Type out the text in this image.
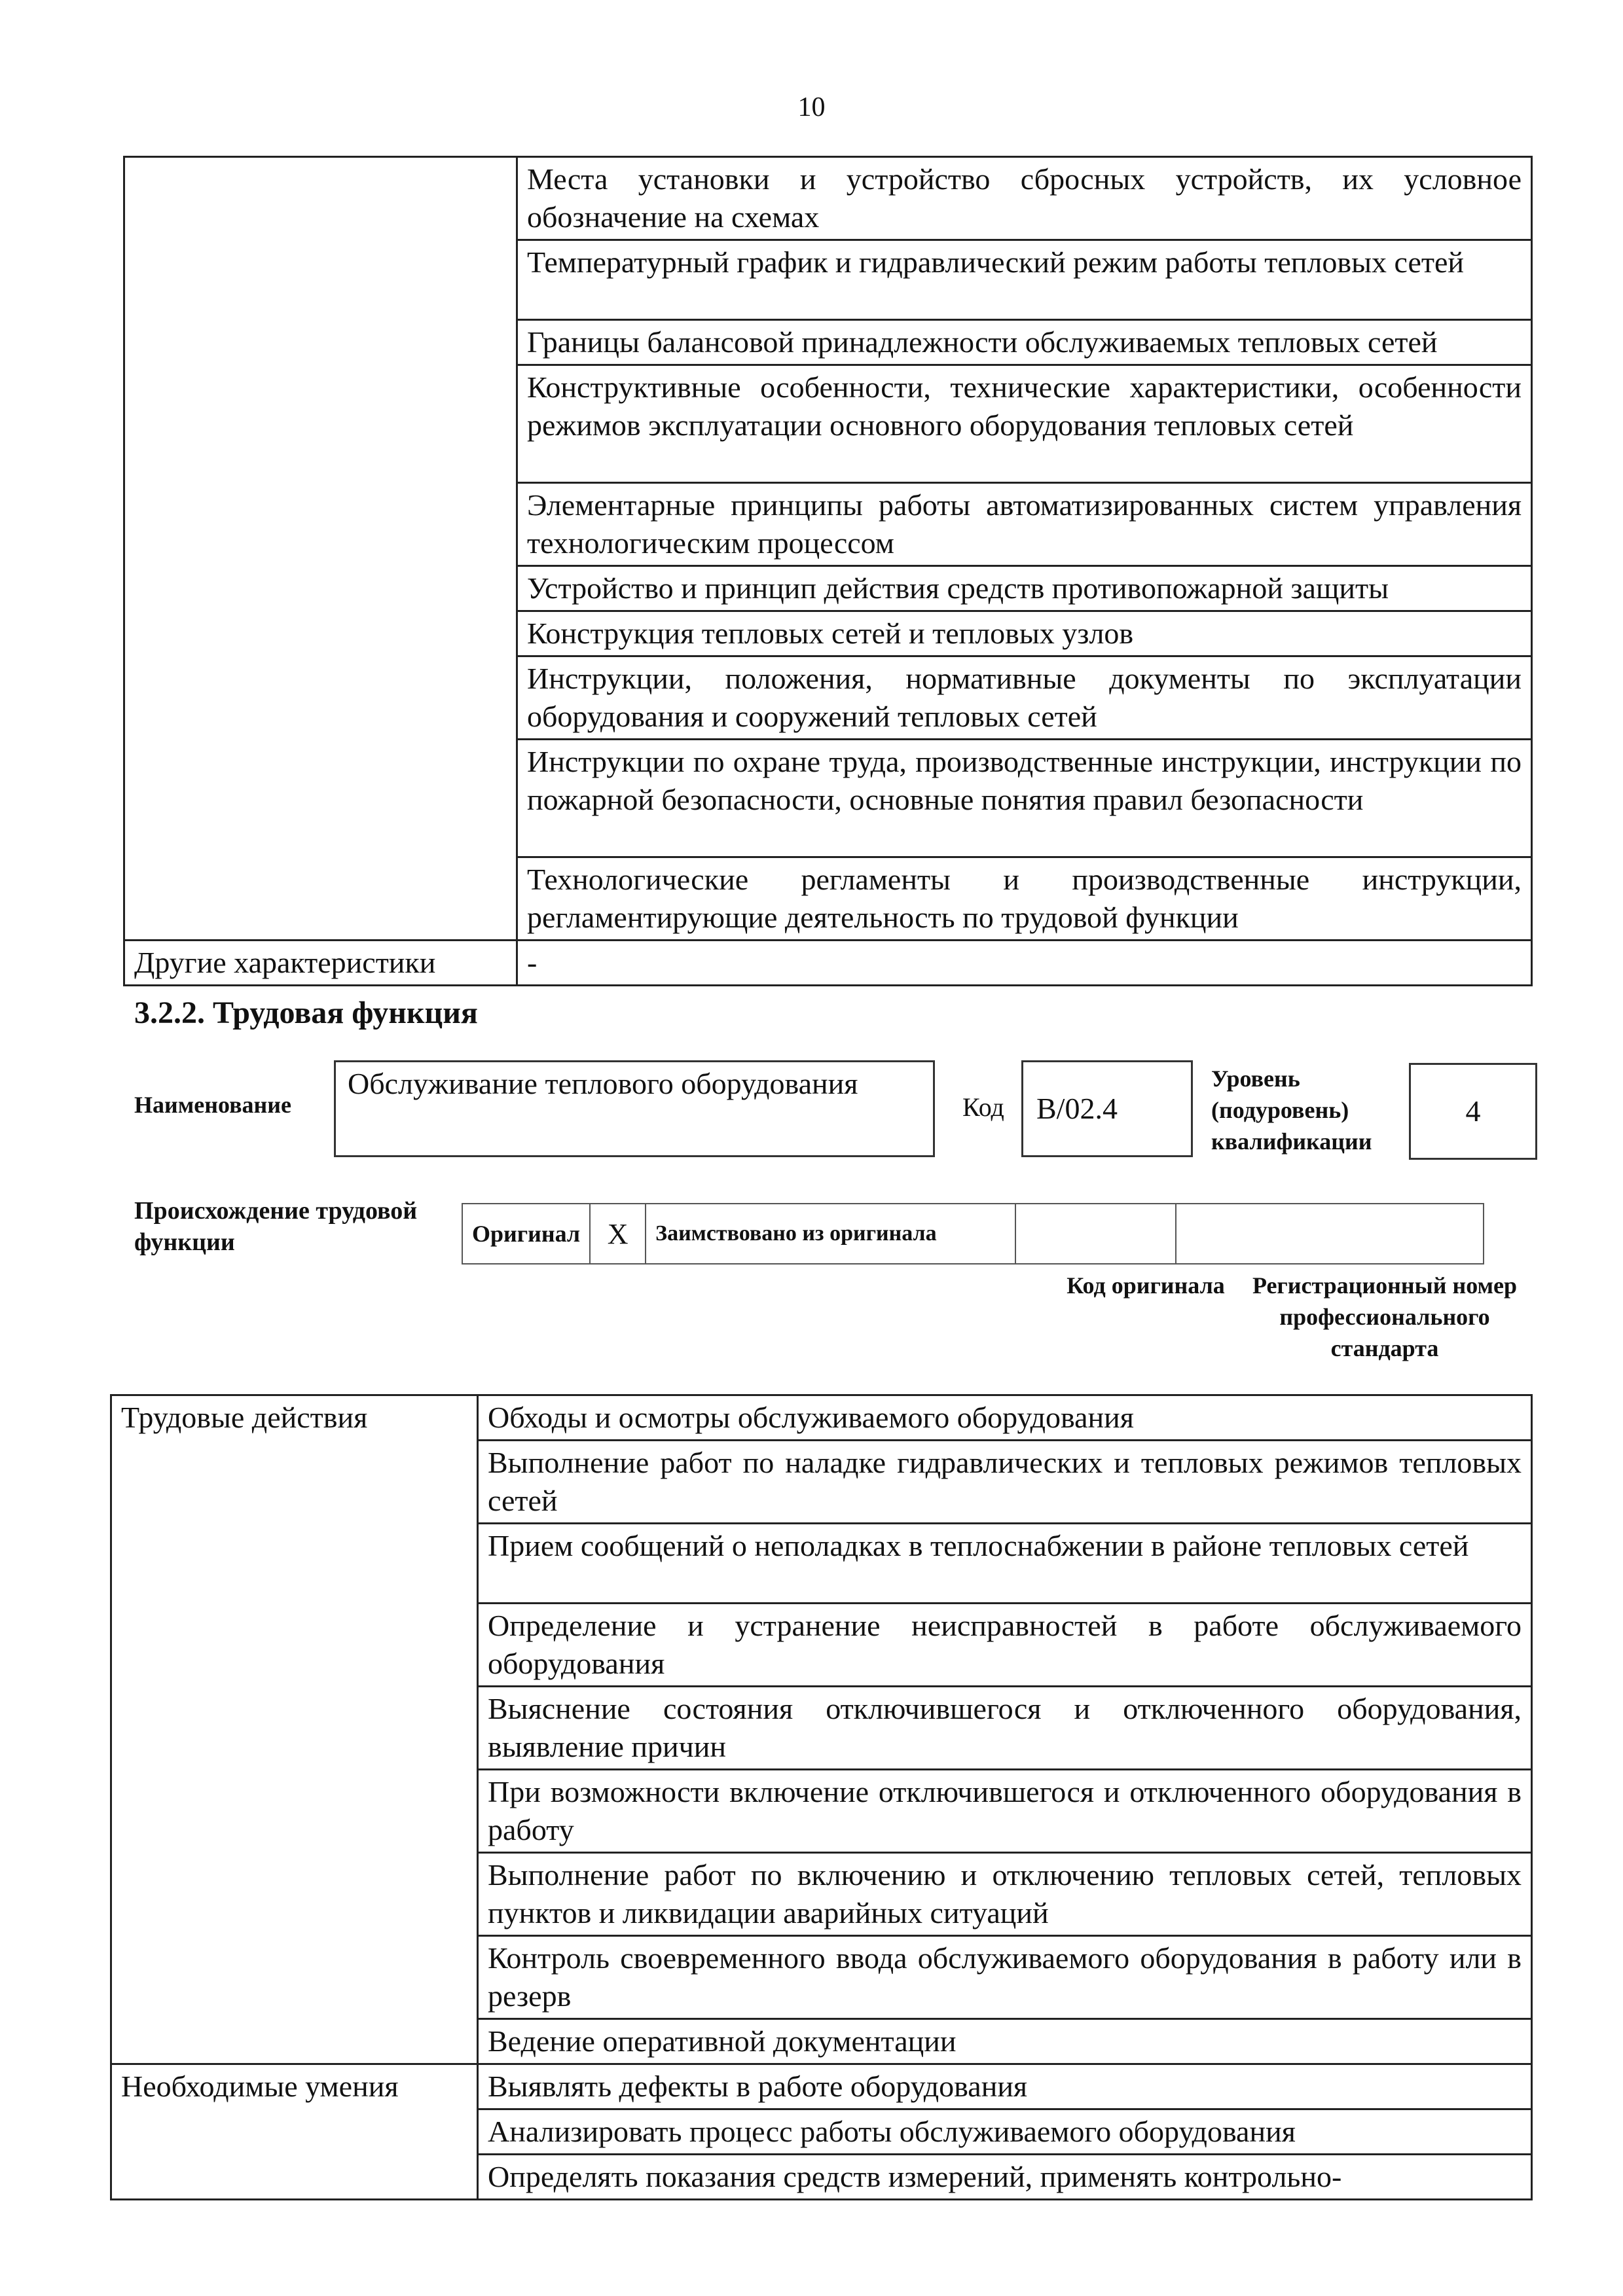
10
	Места установки и устройство сбросных устройств, их условное обозначение на схемах
	Температурный график и гидравлический режим работы тепловых сетей
	Границы балансовой принадлежности обслуживаемых тепловых сетей
	Конструктивные особенности, технические характеристики, особенности режимов эксплуатации основного оборудования тепловых сетей
	Элементарные принципы работы автоматизированных систем управления технологическим процессом
	Устройство и принцип действия средств противопожарной защиты
	Конструкция тепловых сетей и тепловых узлов
	Инструкции, положения, нормативные документы по эксплуатации оборудования и сооружений тепловых сетей
	Инструкции по охране труда, производственные инструкции, инструкции по пожарной безопасности, основные понятия правил безопасности
	Технологические регламенты и производственные инструкции, регламентирующие деятельность по трудовой функции
Другие характеристики	-
3.2.2. Трудовая функция
Наименование
Обслуживание теплового оборудования
Код B/02.4
Уровень (подуровень) квалификации
4
Происхождение трудовой функции	Оригинал	X	Заимствовано из оригинала		
Код оригинала	Регистрационный номер профессионального стандарта
Трудовые действия	Обходы и осмотры обслуживаемого оборудования
	Выполнение работ по наладке гидравлических и тепловых режимов тепловых сетей
	Прием сообщений о неполадках в теплоснабжении в районе тепловых сетей
	Определение и устранение неисправностей в работе обслуживаемого оборудования
	Выяснение состояния отключившегося и отключенного оборудования, выявление причин
	При возможности включение отключившегося и отключенного оборудования в работу
	Выполнение работ по включению и отключению тепловых сетей, тепловых пунктов и ликвидации аварийных ситуаций
	Контроль своевременного ввода обслуживаемого оборудования в работу или в резерв
	Ведение оперативной документации
Необходимые умения	Выявлять дефекты в работе оборудования
	Анализировать процесс работы обслуживаемого оборудования
	Определять показания средств измерений, применять контрольно-
